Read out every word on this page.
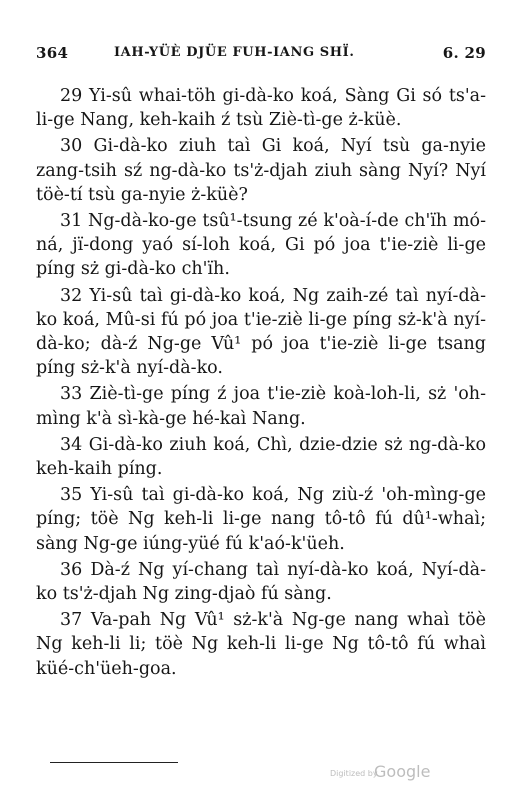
364	IAH-YÜÈ DJÜE FUH-IANG SHÏ.	6. 29

29 Yi-sû whai-töh gi-dà-ko koá, Sàng Gi só ts'a-li-ge Nang, keh-kaih ź tsù Ziè-tì-ge ż-küè.

30 Gi-dà-ko ziuh taì Gi koá, Nyí tsù ga-nyie zang-tsih sź ng-dà-ko ts'ż-djah ziuh sàng Nyí? Nyí töè-tí tsù ga-nyie ż-küè?

31 Ng-dà-ko-ge tsû¹-tsung zé k'oà-í-de ch'ïh mó-ná, jï-dong yaó sí-loh koá, Gi pó joa t'ie-ziè li-ge píng sż gi-dà-ko ch'ïh.

32 Yi-sû taì gi-dà-ko koá, Ng zaih-zé taì nyí-dà-ko koá, Mû-si fú pó joa t'ie-ziè li-ge píng sż-k'à nyí-dà-ko; dà-ź Ng-ge Vû¹ pó joa t'ie-ziè li-ge tsang píng sż-k'à nyí-dà-ko.

33 Ziè-tì-ge píng ź joa t'ie-ziè koà-loh-li, sż 'oh-mìng k'à sì-kà-ge hé-kaì Nang.

34 Gi-dà-ko ziuh koá, Chì, dzie-dzie sż ng-dà-ko keh-kaih píng.

35 Yi-sû taì gi-dà-ko koá, Ng ziù-ź 'oh-mìng-ge píng; töè Ng keh-li li-ge nang tô-tô fú dû¹-whaì; sàng Ng-ge iúng-yüé fú k'aó-k'üeh.

36 Dà-ź Ng yí-chang taì nyí-dà-ko koá, Nyí-dà-ko ts'ż-djah Ng zing-djaò fú sàng.

37 Va-pah Ng Vû¹ sż-k'à Ng-ge nang whaì töè Ng keh-li li; töè Ng keh-li li-ge Ng tô-tô fú whaì küé-ch'üeh-goa.

Digitized by
Google
